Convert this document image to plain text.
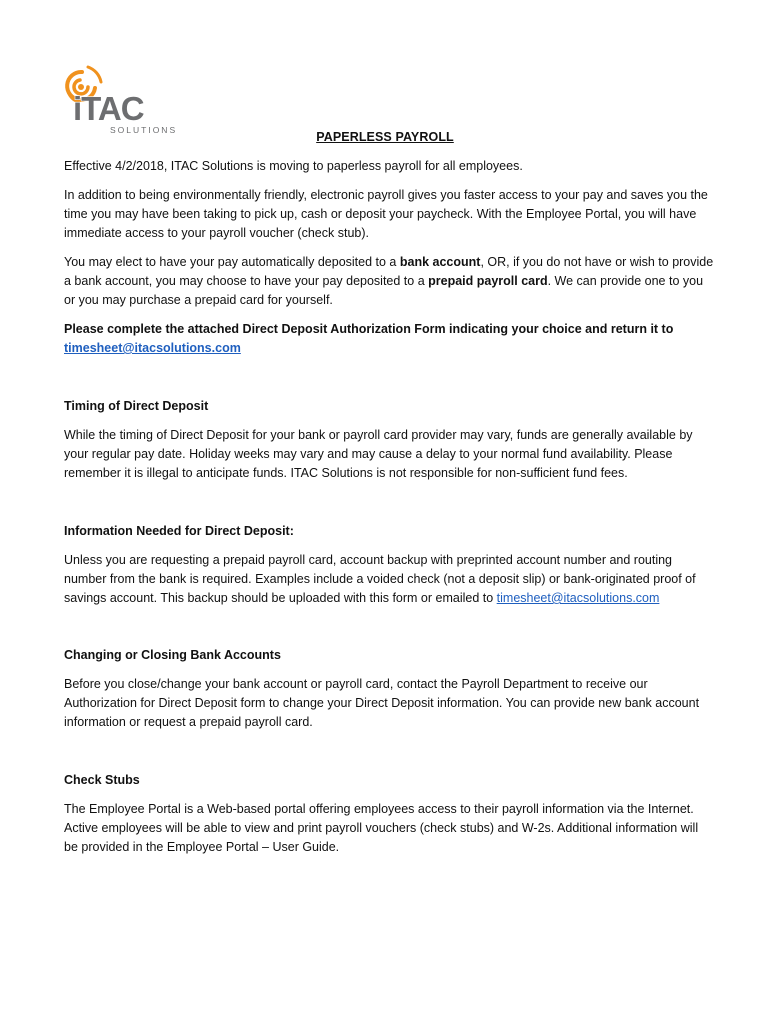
iTAC
SOLUTIONS	PAPERLESS PAYROLL

Effective 4/2/2018, ITAC Solutions is moving to paperless payroll for all employees.

In addition to being environmentally friendly, electronic payroll gives you faster access to your pay and saves you the time you may have been taking to pick up, cash or deposit your paycheck. With the Employee Portal, you will have immediate access to your payroll voucher (check stub).

You may elect to have your pay automatically deposited to a bank account, OR, if you do not have or wish to provide a bank account, you may choose to have your pay deposited to a prepaid payroll card. We can provide one to you or you may purchase a prepaid card for yourself.

Please complete the attached Direct Deposit Authorization Form indicating your choice and return it to
timesheet@itacsolutions.com

Timing of Direct Deposit

While the timing of Direct Deposit for your bank or payroll card provider may vary, funds are generally available by your regular pay date. Holiday weeks may vary and may cause a delay to your normal fund availability. Please remember it is illegal to anticipate funds. ITAC Solutions is not responsible for non-sufficient fund fees.

Information Needed for Direct Deposit:

Unless you are requesting a prepaid payroll card, account backup with preprinted account number and routing number from the bank is required. Examples include a voided check (not a deposit slip) or bank-originated proof of savings account. This backup should be uploaded with this form or emailed to timesheet@itacsolutions.com

Changing or Closing Bank Accounts

Before you close/change your bank account or payroll card, contact the Payroll Department to receive our Authorization for Direct Deposit form to change your Direct Deposit information. You can provide new bank account information or request a prepaid payroll card.

Check Stubs

The Employee Portal is a Web-based portal offering employees access to their payroll information via the Internet. Active employees will be able to view and print payroll vouchers (check stubs) and W-2s. Additional information will be provided in the Employee Portal – User Guide.
